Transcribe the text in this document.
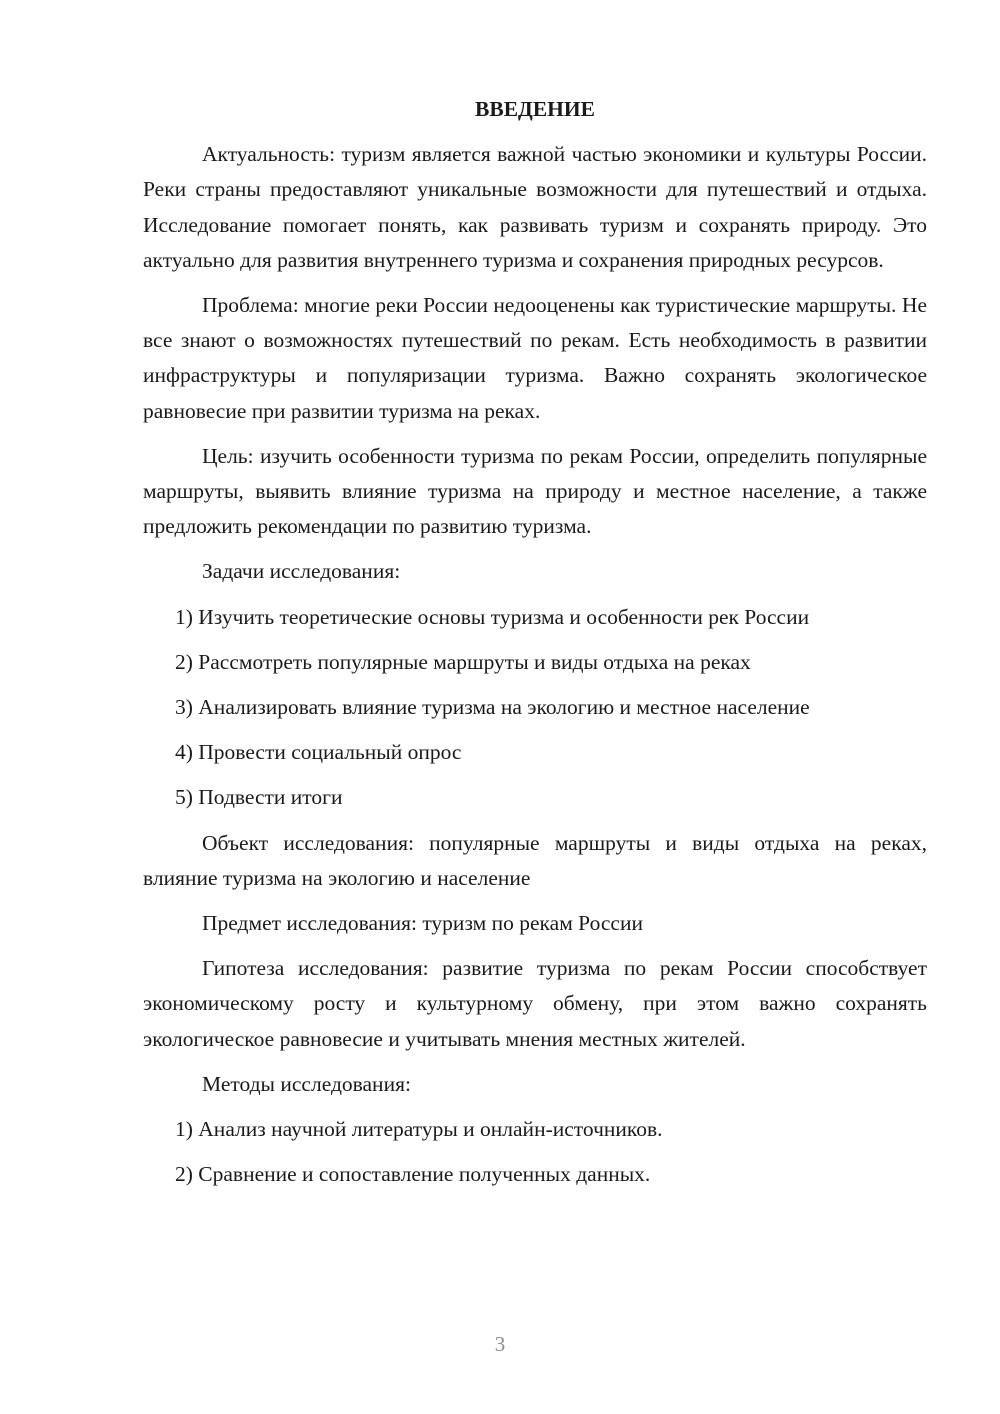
ВВЕДЕНИЕ
Актуальность: туризм является важной частью экономики и культуры России. Реки страны предоставляют уникальные возможности для путешествий и отдыха. Исследование помогает понять, как развивать туризм и сохранять природу. Это актуально для развития внутреннего туризма и сохранения природных ресурсов.
Проблема: многие реки России недооценены как туристические маршруты. Не все знают о возможностях путешествий по рекам. Есть необходимость в развитии инфраструктуры и популяризации туризма. Важно сохранять экологическое равновесие при развитии туризма на реках.
Цель: изучить особенности туризма по рекам России, определить популярные маршруты, выявить влияние туризма на природу и местное население, а также предложить рекомендации по развитию туризма.
Задачи исследования:
1) Изучить теоретические основы туризма и особенности рек России
2) Рассмотреть популярные маршруты и виды отдыха на реках
3) Анализировать влияние туризма на экологию и местное население
4) Провести социальный опрос
5) Подвести итоги
Объект исследования: популярные маршруты и виды отдыха на реках, влияние туризма на экологию и население
Предмет исследования: туризм по рекам России
Гипотеза исследования: развитие туризма по рекам России способствует экономическому росту и культурному обмену, при этом важно сохранять экологическое равновесие и учитывать мнения местных жителей.
Методы исследования:
1) Анализ научной литературы и онлайн-источников.
2) Сравнение и сопоставление полученных данных.
3
